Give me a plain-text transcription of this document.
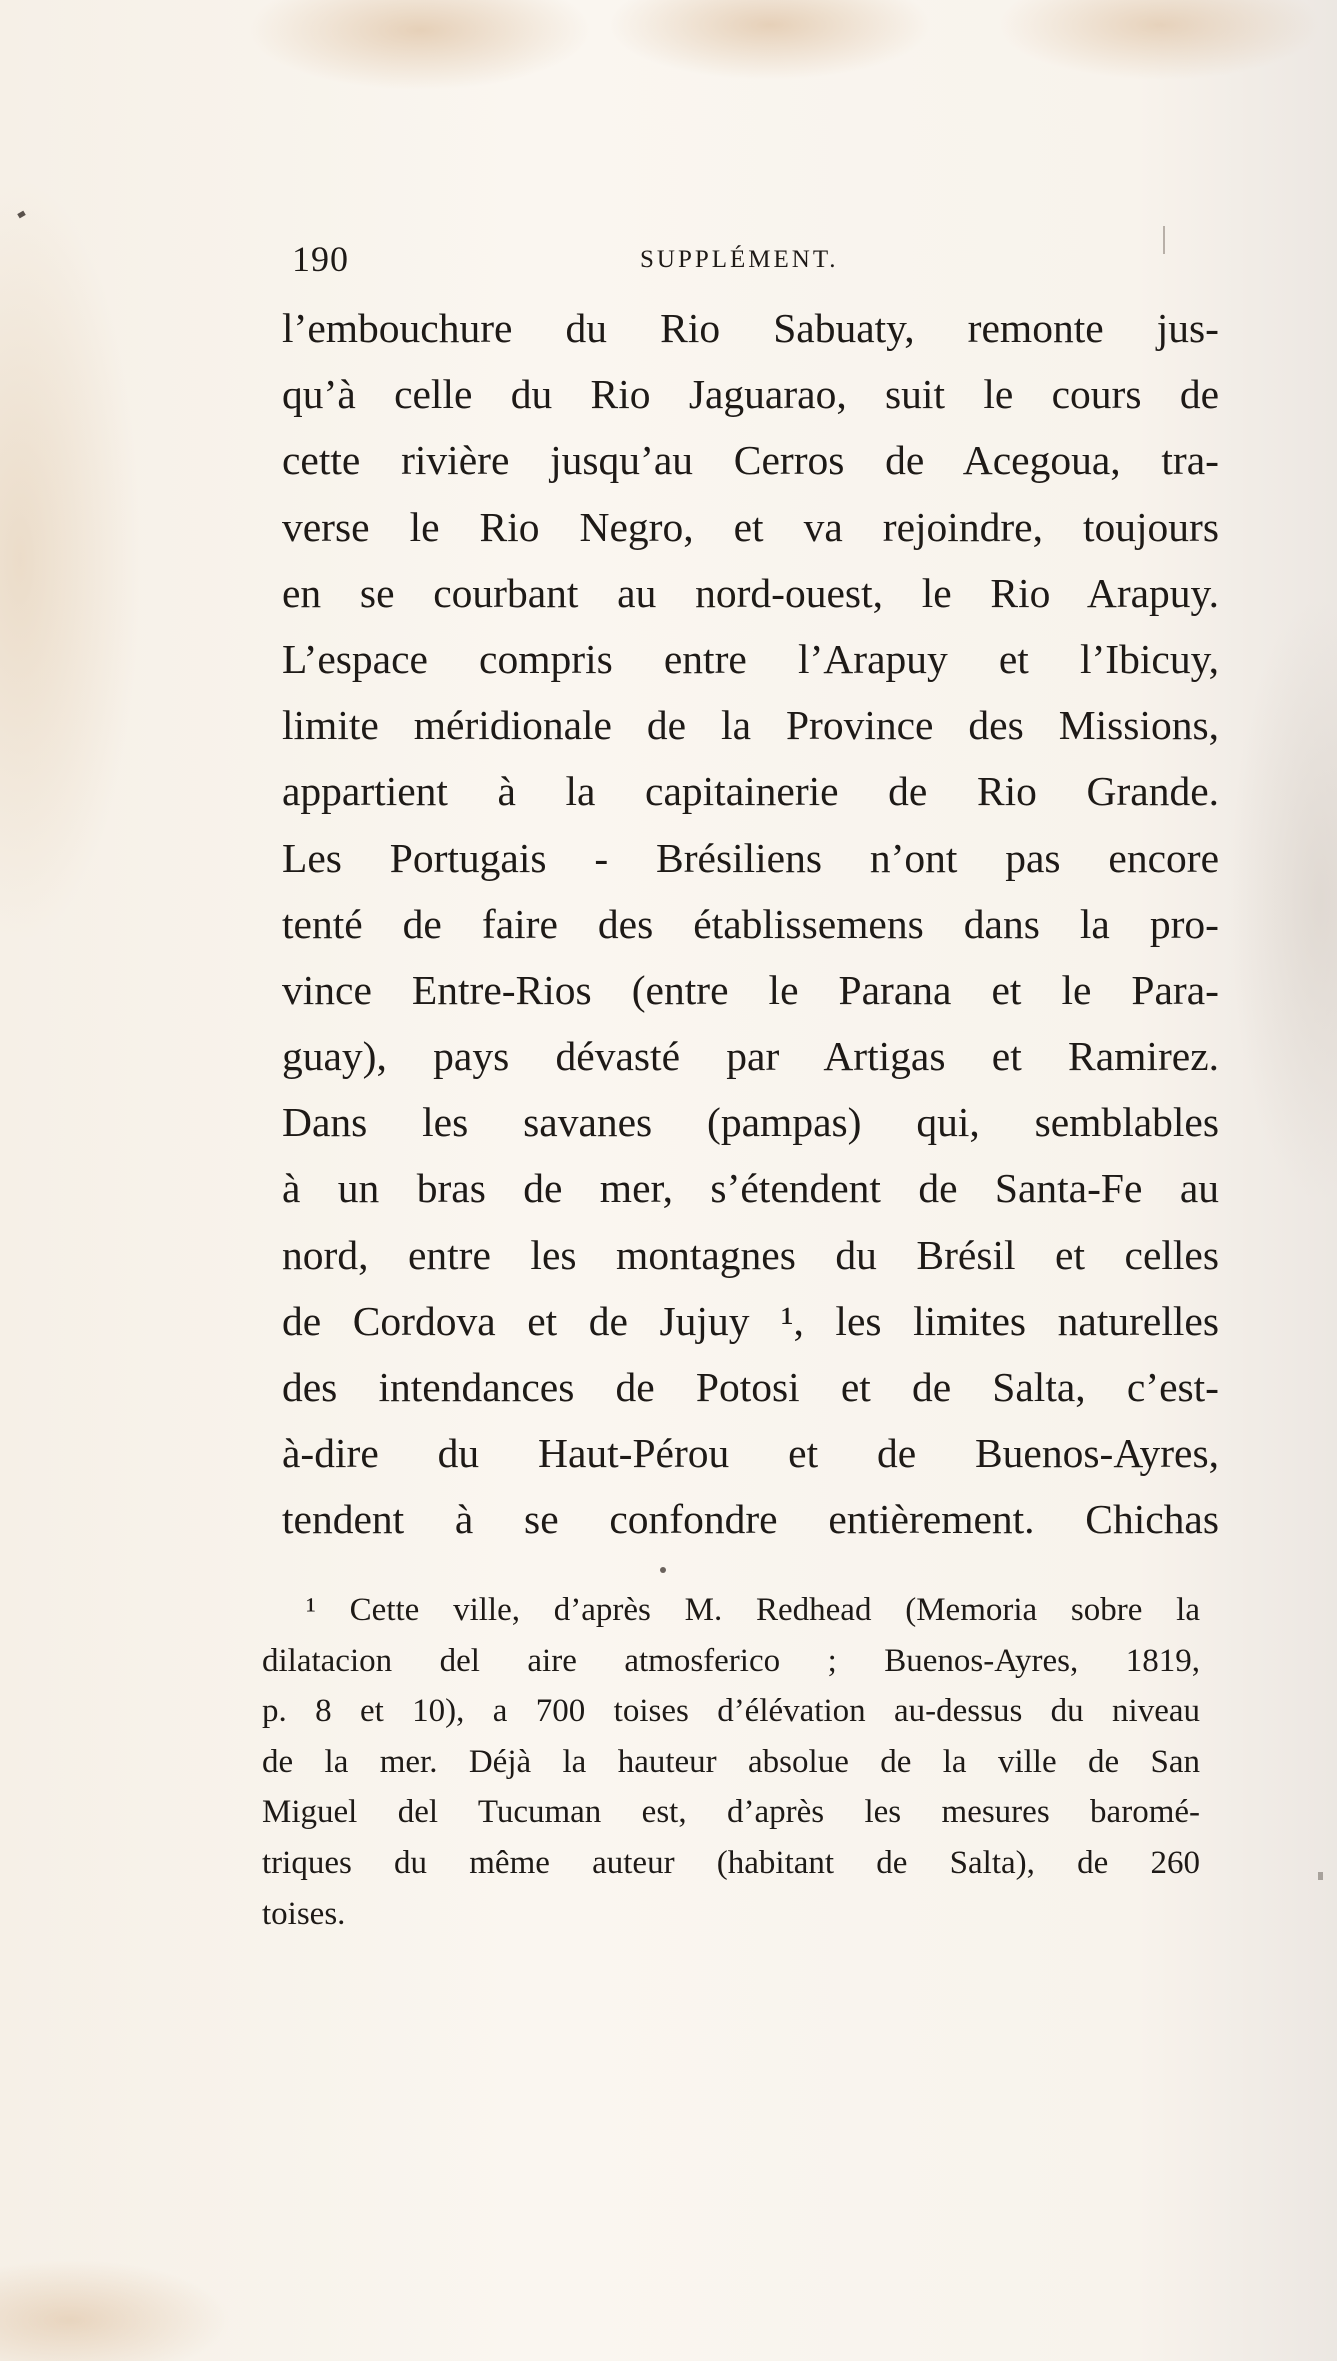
190	SUPPLÉMENT.
l’embouchure du Rio Sabuaty, remonte jus-
qu’à celle du Rio Jaguarao, suit le cours de
cette rivière jusqu’au Cerros de Acegoua, tra-
verse le Rio Negro, et va rejoindre, toujours
en se courbant au nord-ouest, le Rio Arapuy.
L’espace compris entre l’Arapuy et l’Ibicuy,
limite méridionale de la Province des Missions,
appartient à la capitainerie de Rio Grande.
Les Portugais - Brésiliens n’ont pas encore
tenté de faire des établissemens dans la pro-
vince Entre-Rios (entre le Parana et le Para-
guay), pays dévasté par Artigas et Ramirez.
Dans les savanes (pampas) qui, semblables
à un bras de mer, s’étendent de Santa-Fe au
nord, entre les montagnes du Brésil et celles
de Cordova et de Jujuy ¹, les limites naturelles
des intendances de Potosi et de Salta, c’est-
à-dire du Haut-Pérou et de Buenos-Ayres,
tendent à se confondre entièrement. Chichas
¹ Cette ville, d’après M. Redhead (Memoria sobre la
dilatacion del aire atmosferico ; Buenos-Ayres, 1819,
p. 8 et 10), a 700 toises d’élévation au-dessus du niveau
de la mer. Déjà la hauteur absolue de la ville de San
Miguel del Tucuman est, d’après les mesures baromé-
triques du même auteur (habitant de Salta), de 260
toises.
